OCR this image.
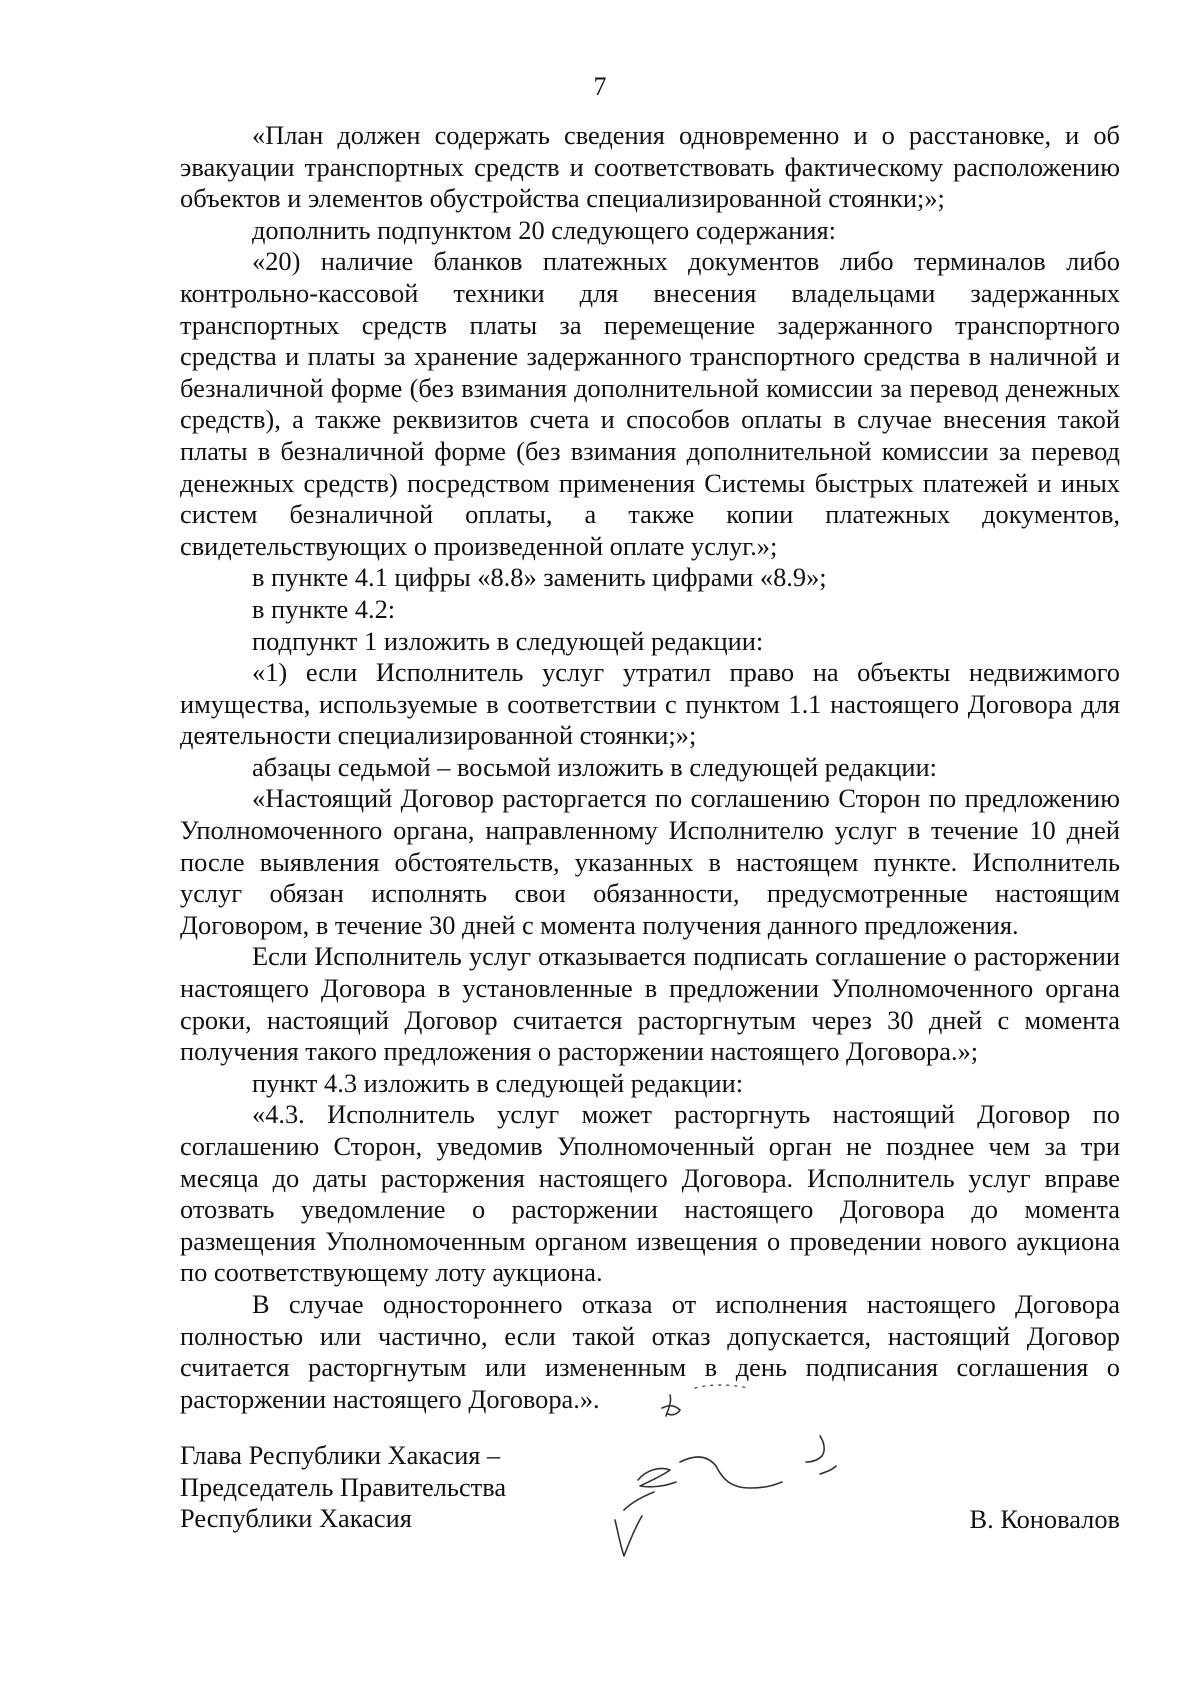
7

«План должен содержать сведения одновременно и о расстановке, и об эвакуации транспортных средств и соответствовать фактическому расположению объектов и элементов обустройства специализированной стоянки;»;

дополнить подпунктом 20 следующего содержания:

«20) наличие бланков платежных документов либо терминалов либо контрольно-кассовой техники для внесения владельцами задержанных транспортных средств платы за перемещение задержанного транспортного средства и платы за хранение задержанного транспортного средства в наличной и безналичной форме (без взимания дополнительной комиссии за перевод денежных средств), а также реквизитов счета и способов оплаты в случае внесения такой платы в безналичной форме (без взимания дополнительной комиссии за перевод денежных средств) посредством применения Системы быстрых платежей и иных систем безналичной оплаты, а также копии платежных документов, свидетельствующих о произведенной оплате услуг.»;

в пункте 4.1 цифры «8.8» заменить цифрами «8.9»;

в пункте 4.2:

подпункт 1 изложить в следующей редакции:

«1) если Исполнитель услуг утратил право на объекты недвижимого имущества, используемые в соответствии с пунктом 1.1 настоящего Договора для деятельности специализированной стоянки;»;

абзацы седьмой – восьмой изложить в следующей редакции:

«Настоящий Договор расторгается по соглашению Сторон по предложению Уполномоченного органа, направленному Исполнителю услуг в течение 10 дней после выявления обстоятельств, указанных в настоящем пункте. Исполнитель услуг обязан исполнять свои обязанности, предусмотренные настоящим Договором, в течение 30 дней с момента получения данного предложения.

Если Исполнитель услуг отказывается подписать соглашение о расторжении настоящего Договора в установленные в предложении Уполномоченного органа сроки, настоящий Договор считается расторгнутым через 30 дней с момента получения такого предложения о расторжении настоящего Договора.»;

пункт 4.3 изложить в следующей редакции:

«4.3. Исполнитель услуг может расторгнуть настоящий Договор по соглашению Сторон, уведомив Уполномоченный орган не позднее чем за три месяца до даты расторжения настоящего Договора. Исполнитель услуг вправе отозвать уведомление о расторжении настоящего Договора до момента размещения Уполномоченным органом извещения о проведении нового аукциона по соответствующему лоту аукциона.

В случае одностороннего отказа от исполнения настоящего Договора полностью или частично, если такой отказ допускается, настоящий Договор считается расторгнутым или измененным в день подписания соглашения о расторжении настоящего Договора.».

Глава Республики Хакасия –
Председатель Правительства
Республики Хакасия	В. Коновалов
